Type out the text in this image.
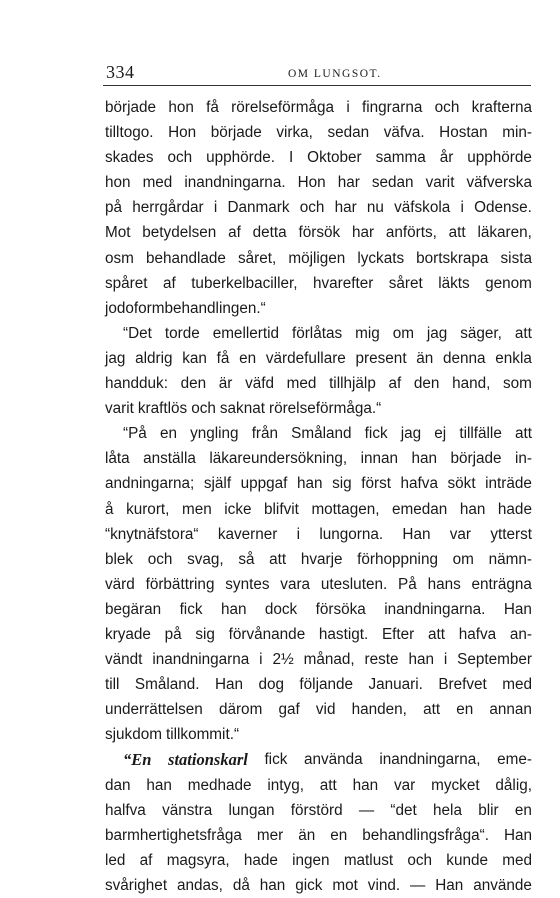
334	OM LUNGSOT.
började hon få rörelseförmåga i fingrarna och krafterna
tilltogo. Hon började virka, sedan väfva. Hostan min-
skades och upphörde. I Oktober samma år upphörde
hon med inandningarna. Hon har sedan varit väfverska
på herrgårdar i Danmark och har nu väfskola i Odense.
Mot betydelsen af detta försök har anförts, att läkaren,
osm behandlade såret, möjligen lyckats bortskrapa sista
spåret af tuberkelbaciller, hvarefter såret läkts genom
jodoformbehandlingen.“
“Det torde emellertid förlåtas mig om jag säger, att
jag aldrig kan få en värdefullare present än denna enkla
handduk: den är väfd med tillhjälp af den hand, som
varit kraftlös och saknat rörelseförmåga.“
“På en yngling från Småland fick jag ej tillfälle att
låta anställa läkareundersökning, innan han började in-
andningarna; själf uppgaf han sig först hafva sökt inträde
å kurort, men icke blifvit mottagen, emedan han hade
“knytnäfstora“ kaverner i lungorna. Han var ytterst
blek och svag, så att hvarje förhoppning om nämn-
värd förbättring syntes vara utesluten. På hans enträgna
begäran fick han dock försöka inandningarna. Han
kryade på sig förvånande hastigt. Efter att hafva an-
vändt inandningarna i 2½ månad, reste han i September
till Småland. Han dog följande Januari. Brefvet med
underrättelsen därom gaf vid handen, att en annan
sjukdom tillkommit.“
“En stationskarl fick använda inandningarna, eme-
dan han medhade intyg, att han var mycket dålig,
halfva vänstra lungan förstörd — “det hela blir en
barmhertighetsfråga mer än en behandlingsfråga“. Han
led af magsyra, hade ingen matlust och kunde med
svårighet andas, då han gick mot vind. — Han använde
